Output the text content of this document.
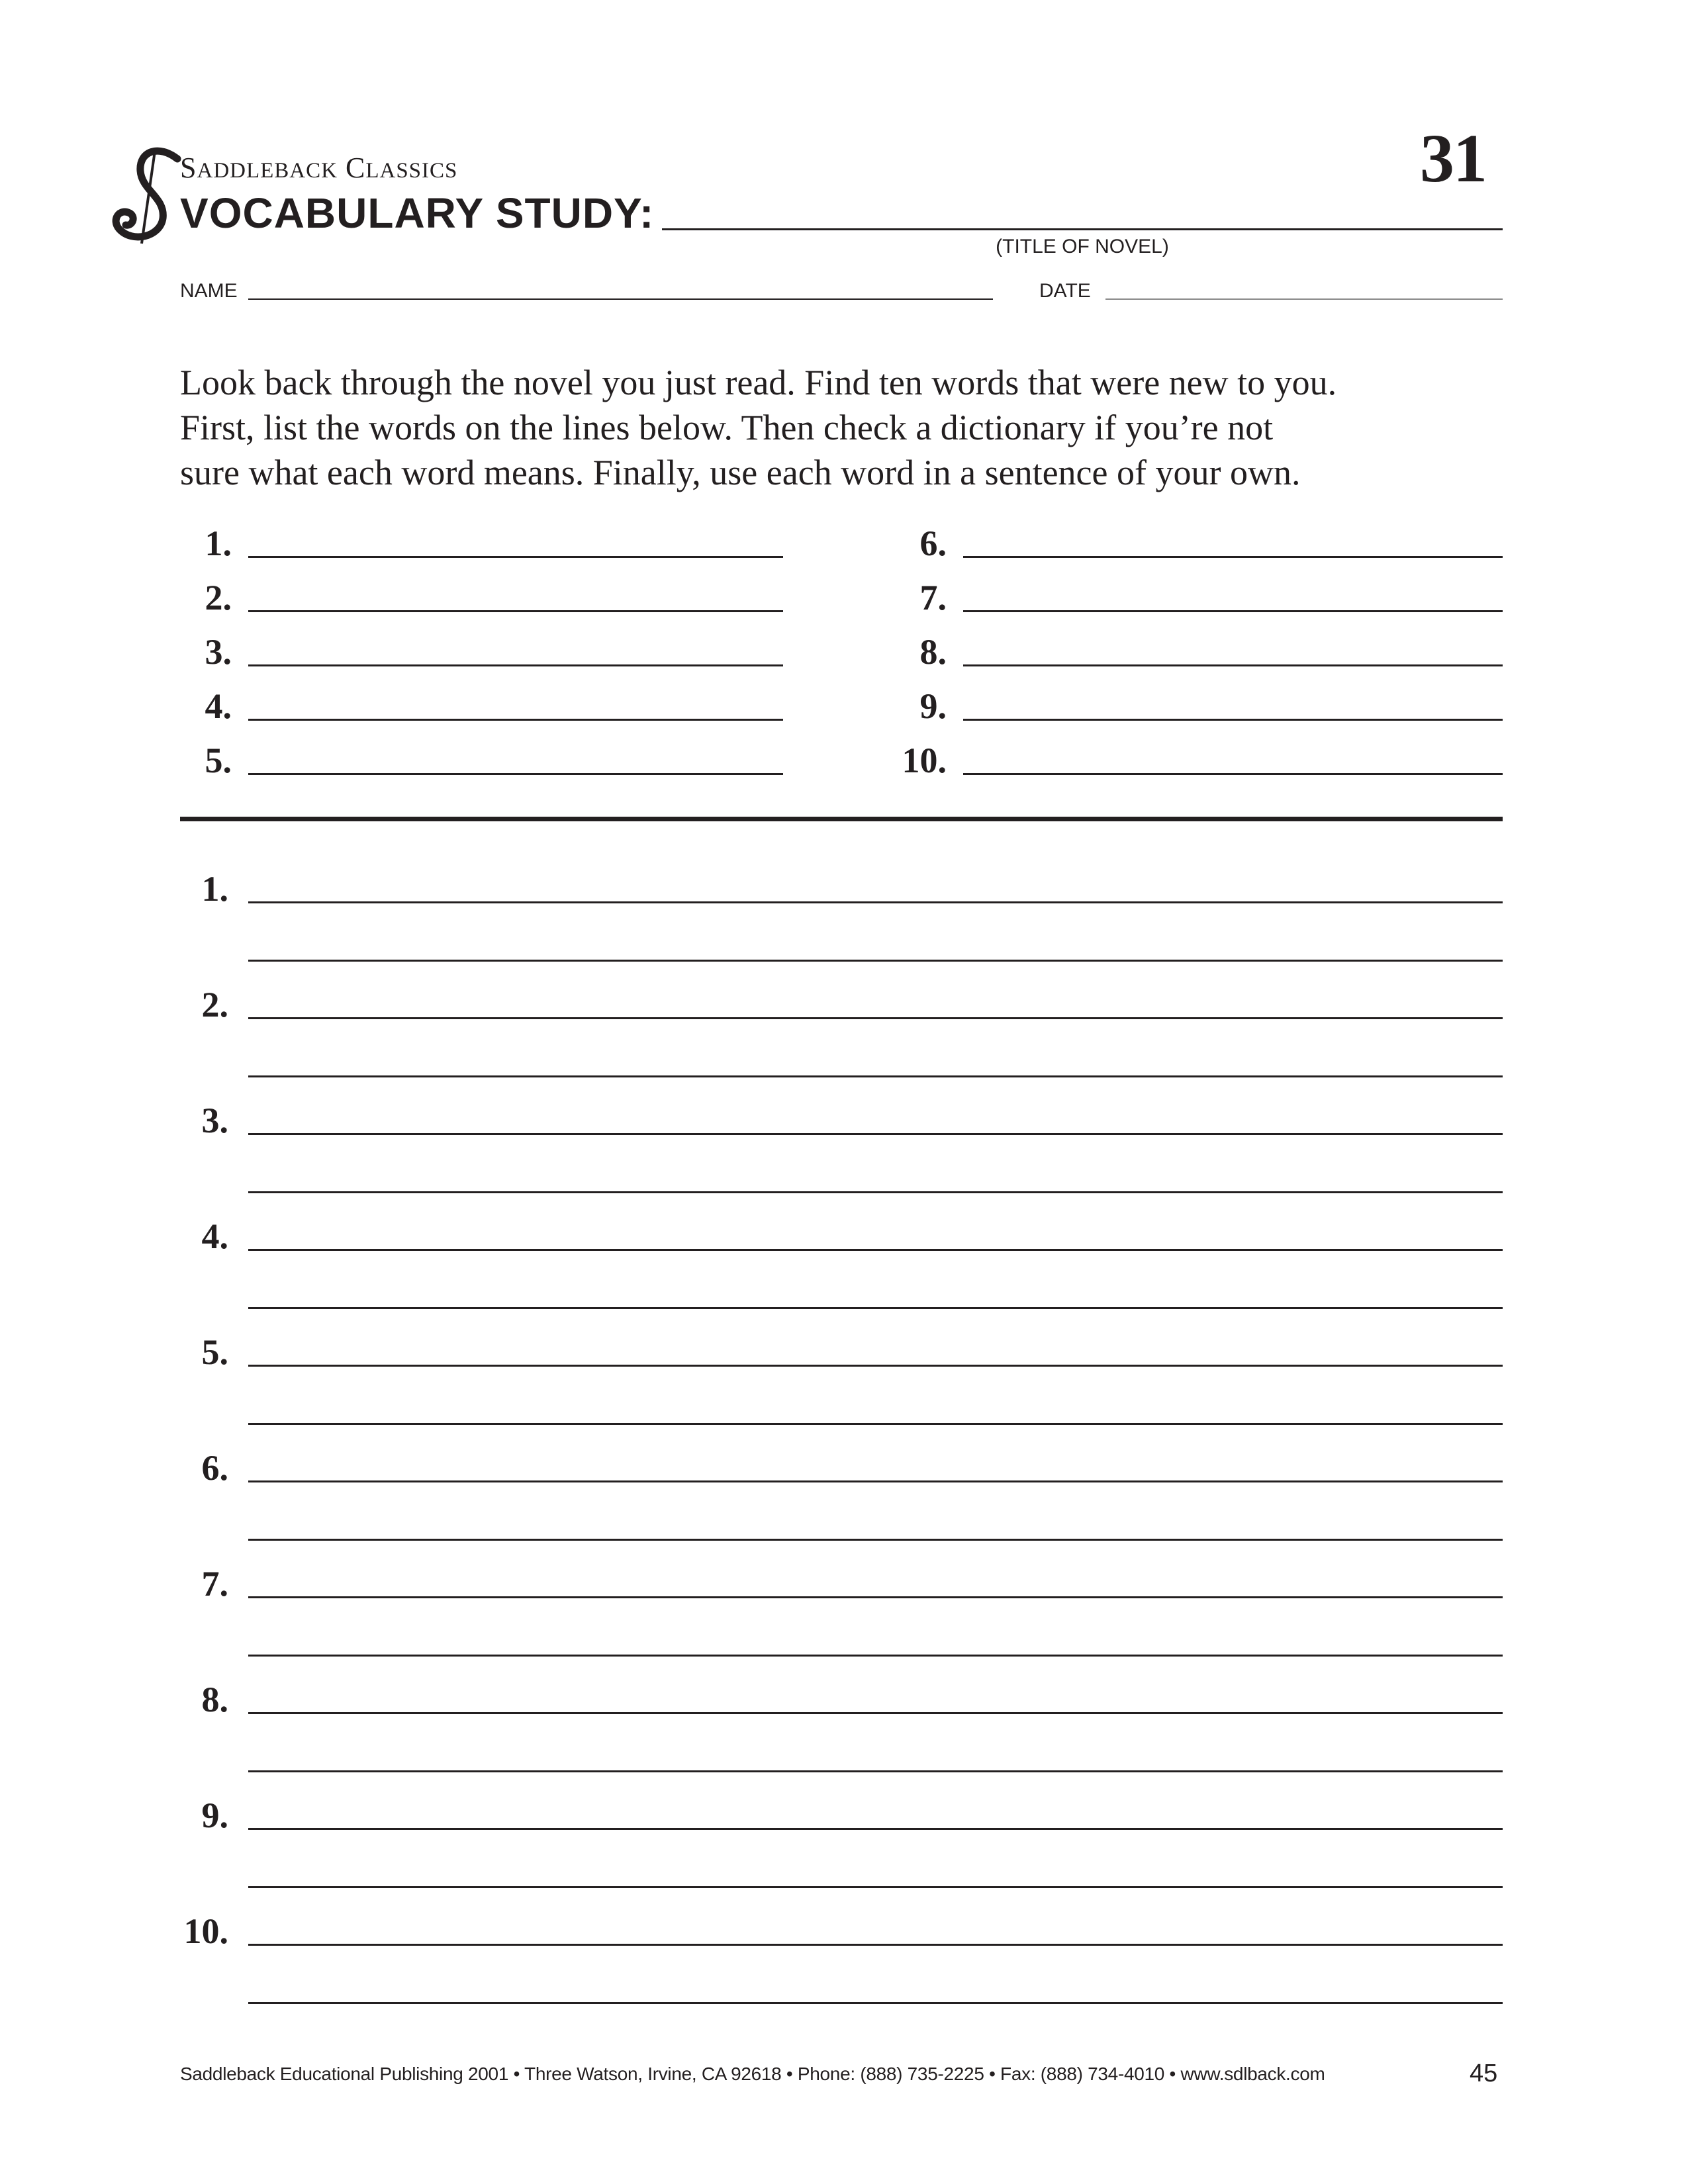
SADDLEBACK CLASSICS
VOCABULARY STUDY:
(TITLE OF NOVEL)
31
NAME	DATE
Look back through the novel you just read. Find ten words that were new to you.
First, list the words on the lines below. Then check a dictionary if you’re not
sure what each word means. Finally, use each word in a sentence of your own.
1.
2.
3.
4.
5.
6.
7.
8.
9.
10.
1.
2.
3.
4.
5.
6.
7.
8.
9.
10.
Saddleback Educational Publishing 2001 • Three Watson, Irvine, CA 92618 • Phone: (888) 735-2225 • Fax: (888) 734-4010 • www.sdlback.com	45
